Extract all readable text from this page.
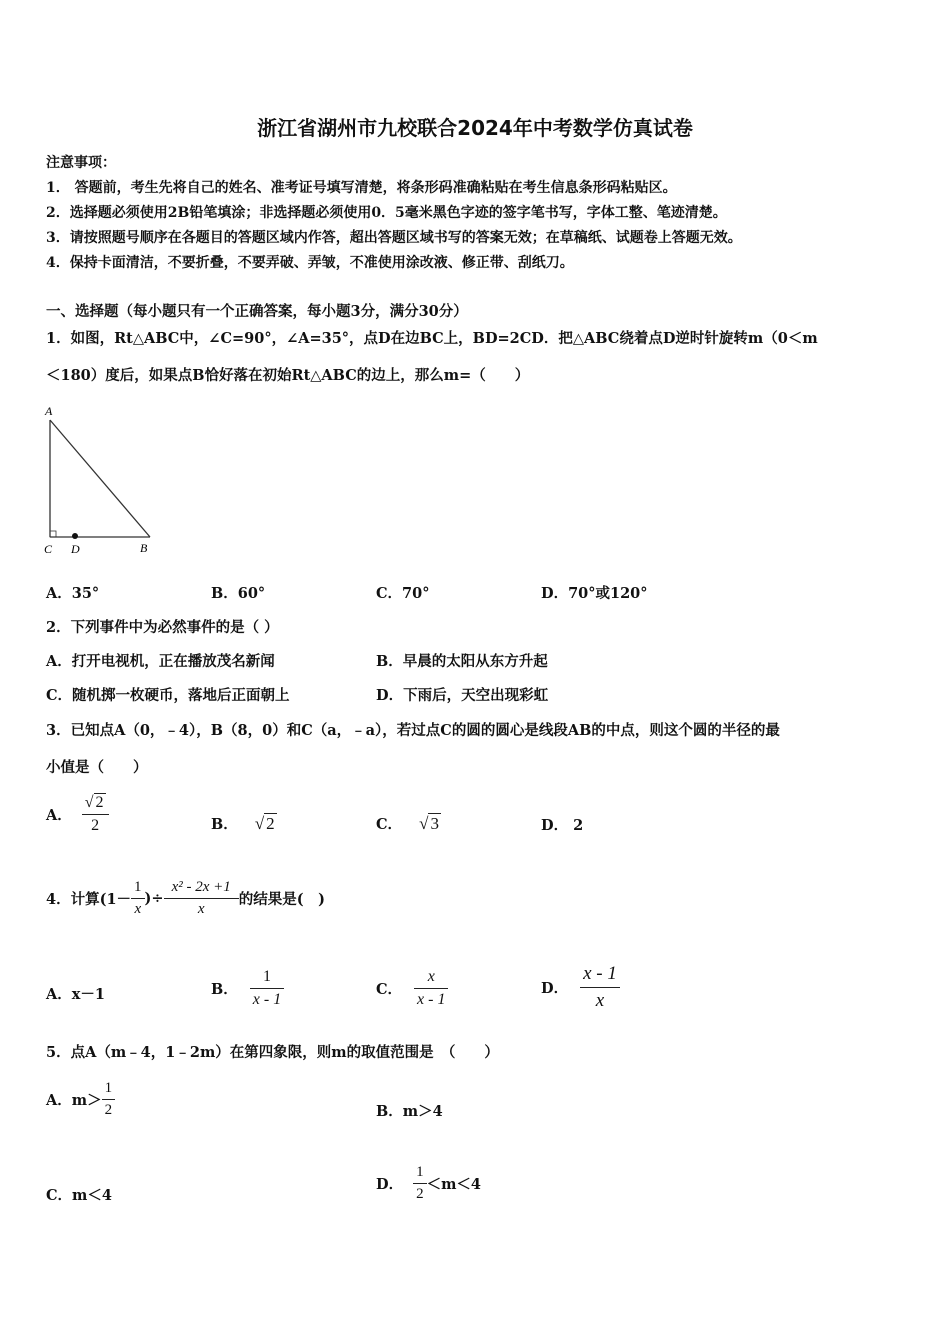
浙江省湖州市九校联合2024年中考数学仿真试卷
注意事项：
1． 答题前，考生先将自己的姓名、准考证号填写清楚，将条形码准确粘贴在考生信息条形码粘贴区。
2．选择题必须使用2B铅笔填涂；非选择题必须使用0．5毫米黑色字迹的签字笔书写，字体工整、笔迹清楚。
3．请按照题号顺序在各题目的答题区域内作答，超出答题区域书写的答案无效；在草稿纸、试题卷上答题无效。
4．保持卡面清洁，不要折叠，不要弄破、弄皱，不准使用涂改液、修正带、刮纸刀。
一、选择题（每小题只有一个正确答案，每小题3分，满分30分）
1．如图，Rt△ABC中，∠C=90°，∠A=35°，点D在边BC上，BD=2CD．把△ABC绕着点D逆时针旋转m（0＜m
＜180）度后，如果点B恰好落在初始Rt△ABC的边上，那么m=（　　）
A
C D	B
A．35°	B．60°	C．70°	D．70°或120°
2．下列事件中为必然事件的是（ ）
A．打开电视机，正在播放茂名新闻	B．早晨的太阳从东方升起
C．随机掷一枚硬币，落地后正面朝上	D．下雨后，天空出现彩虹
3．已知点A（0，﹣4），B（8，0）和C（a，﹣a），若过点C的圆的圆心是线段AB的中点，则这个圆的半径的最
小值是（　　）
A． $\frac{√ 2}{2}$	B． √ 2	C． √ 3	D． 2
4．计算($1- \frac{1}{x}$ )÷ $\frac{\text{x² - 2x +1}}{x}$ 的结果是(　)
A．x－1	B． $\frac{1}{x - 1}$	C． $\frac{x}{x - 1}$	D． $\frac{x - 1}{x}$
5．点A（m﹣4，1﹣2m）在第四象限，则m的取值范围是　（　　）
A．$m> \frac{1}{2}$	B．m＞4
C．m＜4
D． $\frac{1}{2} <m<4$
